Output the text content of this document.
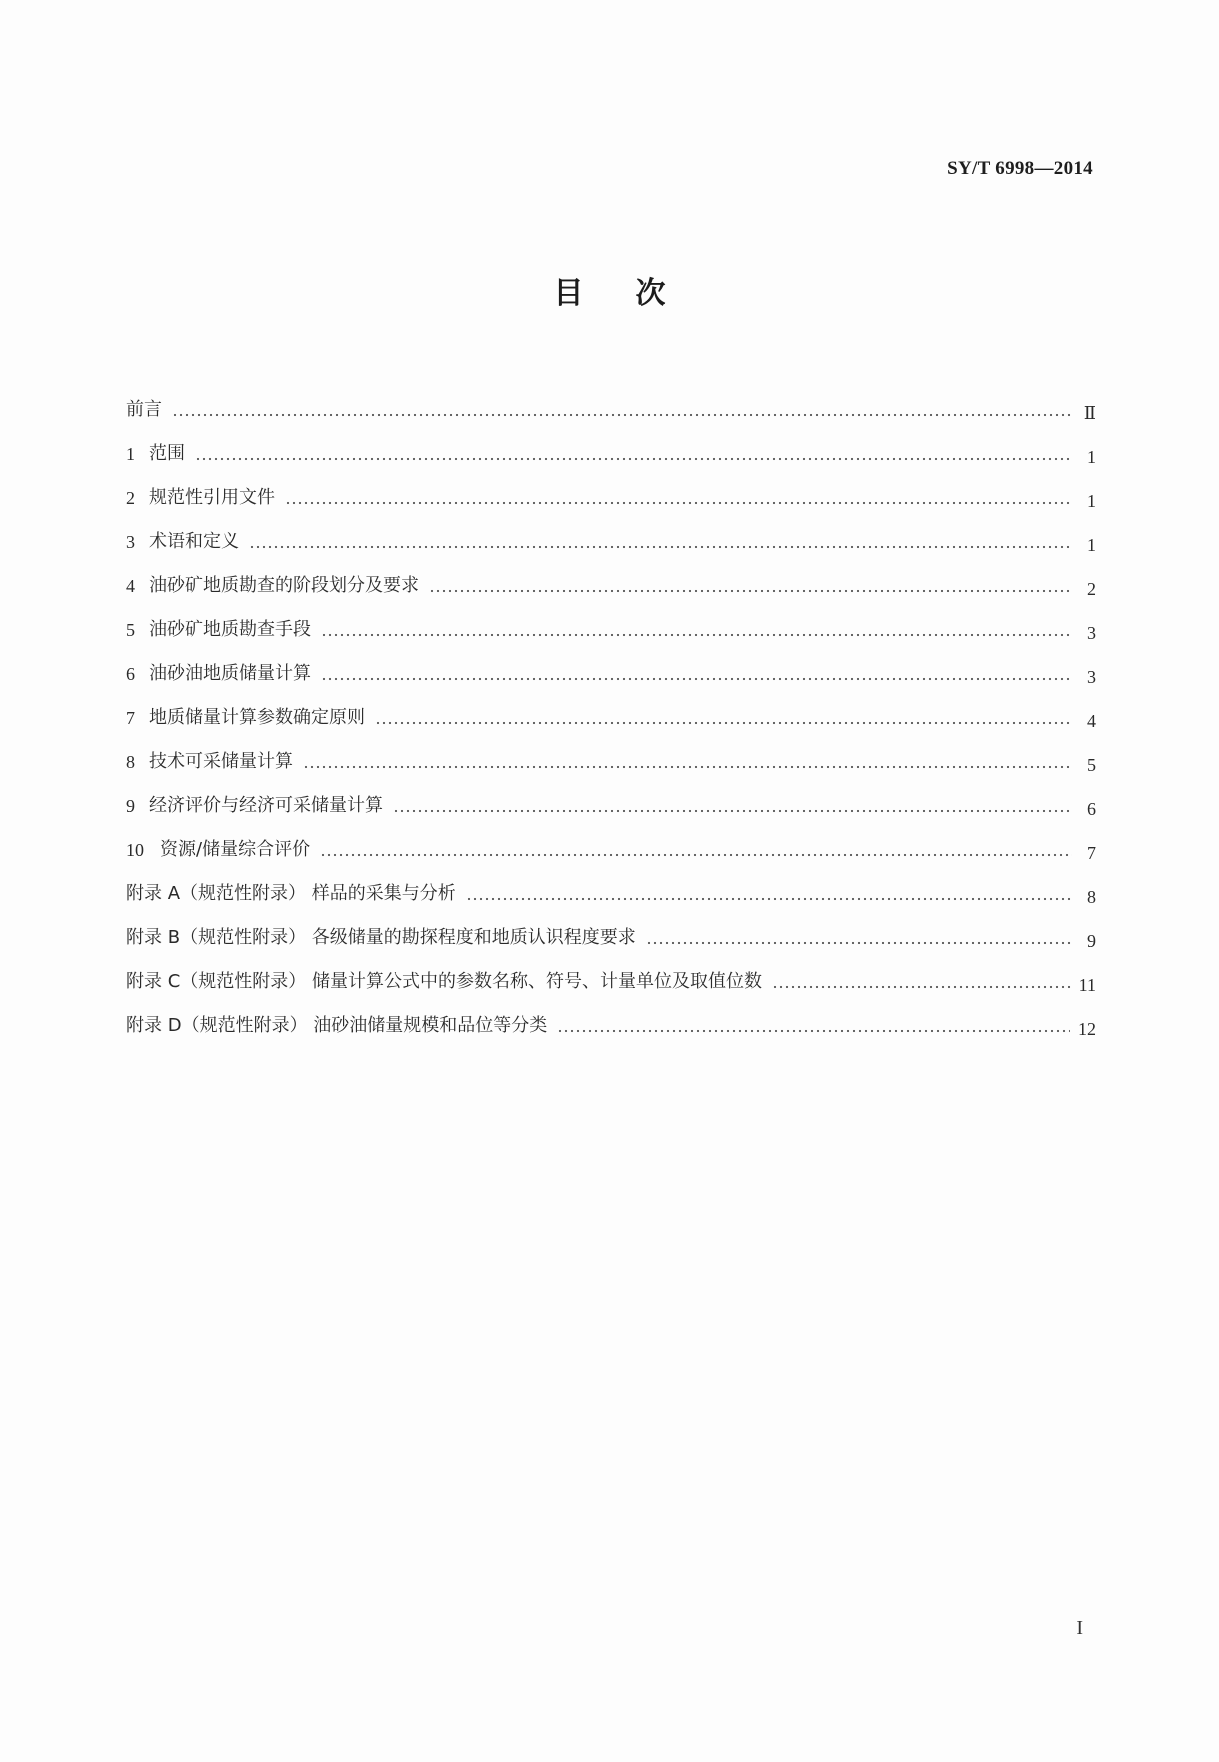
SY/T 6998—2014
目次
前言	Ⅱ
1 范围	1
2 规范性引用文件	1
3 术语和定义	1
4 油砂矿地质勘查的阶段划分及要求	2
5 油砂矿地质勘查手段	3
6 油砂油地质储量计算	3
7 地质储量计算参数确定原则	4
8 技术可采储量计算	5
9 经济评价与经济可采储量计算	6
10 资源/储量综合评价	7
附录 A（规范性附录） 样品的采集与分析	8
附录 B（规范性附录） 各级储量的勘探程度和地质认识程度要求	9
附录 C（规范性附录） 储量计算公式中的参数名称、符号、计量单位及取值位数	11
附录 D（规范性附录） 油砂油储量规模和品位等分类	12
I
